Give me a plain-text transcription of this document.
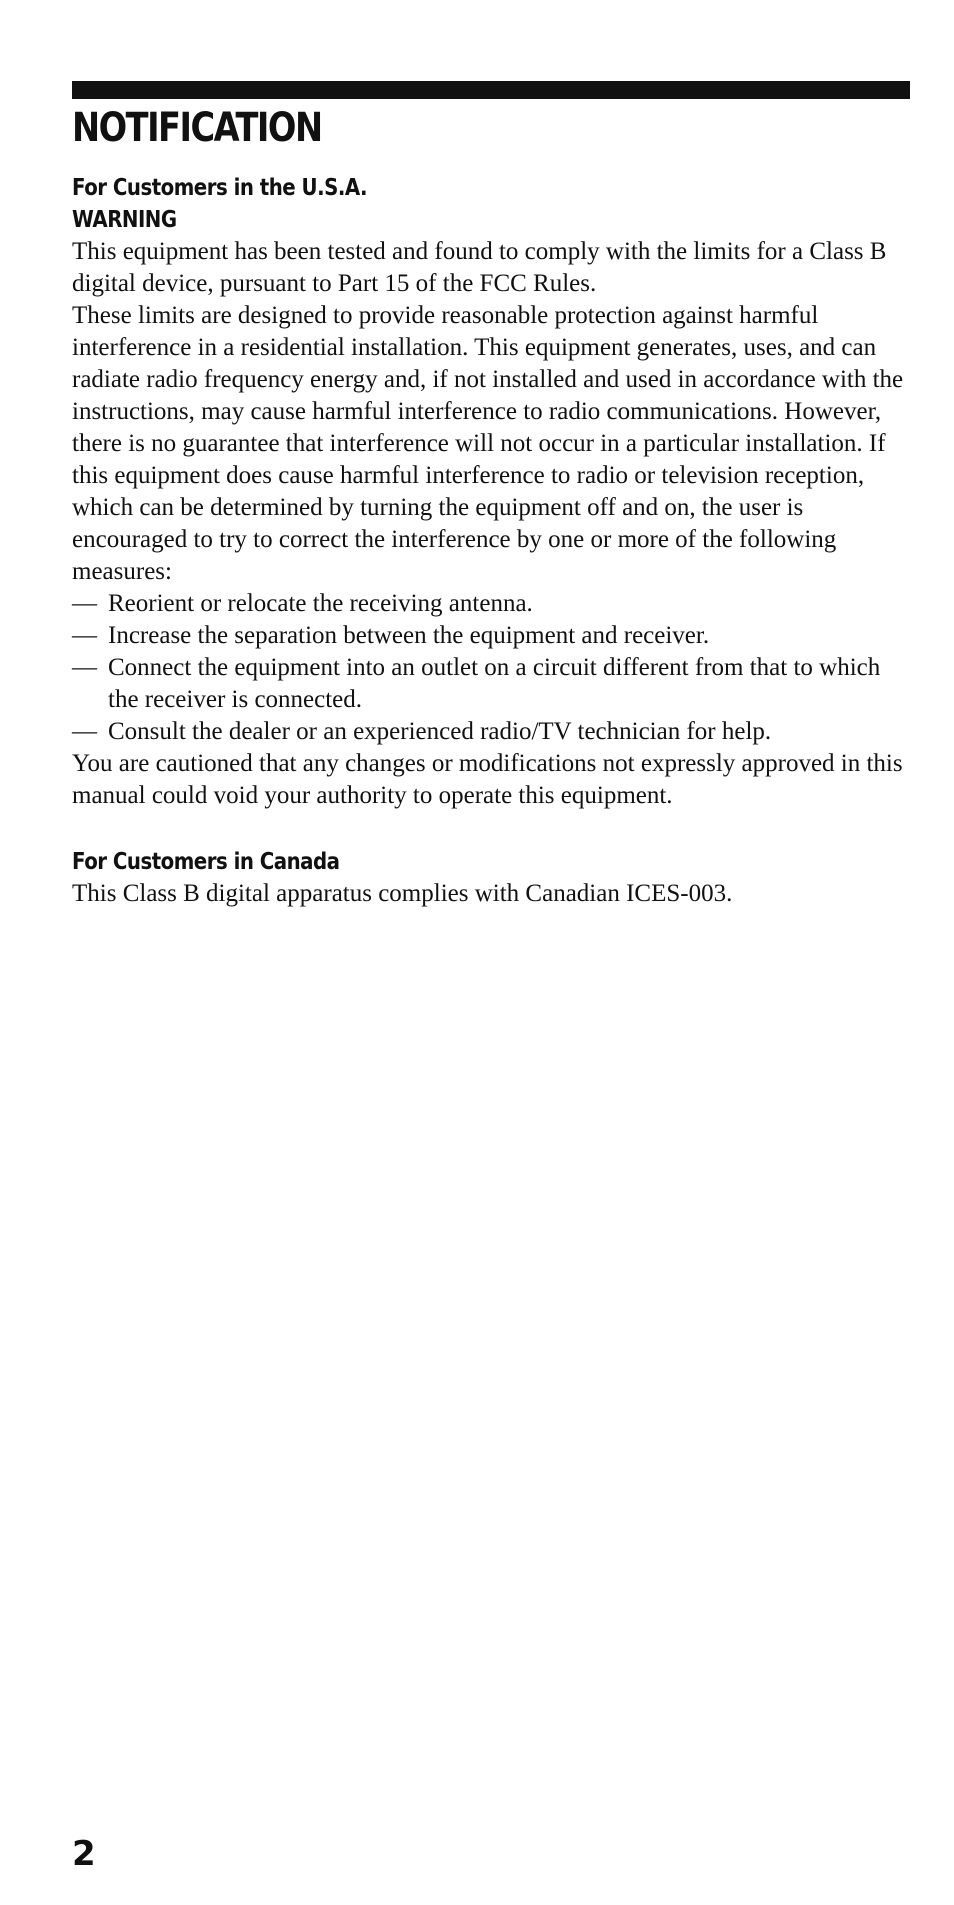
NOTIFICATION
For Customers in the U.S.A.
WARNING

This equipment has been tested and found to comply with the limits for a Class B digital device, pursuant to Part 15 of the FCC Rules.

These limits are designed to provide reasonable protection against harmful interference in a residential installation. This equipment generates, uses, and can radiate radio frequency energy and, if not installed and used in accordance with the instructions, may cause harmful interference to radio communications. However, there is no guarantee that interference will not occur in a particular installation. If this equipment does cause harmful interference to radio or television reception, which can be determined by turning the equipment off and on, the user is encouraged to try to correct the interference by one or more of the following measures:

— Reorient or relocate the receiving antenna.
— Increase the separation between the equipment and receiver.
— Connect the equipment into an outlet on a circuit different from that to which the receiver is connected.
— Consult the dealer or an experienced radio/TV technician for help.

You are cautioned that any changes or modifications not expressly approved in this manual could void your authority to operate this equipment.

For Customers in Canada

This Class B digital apparatus complies with Canadian ICES-003.

2
